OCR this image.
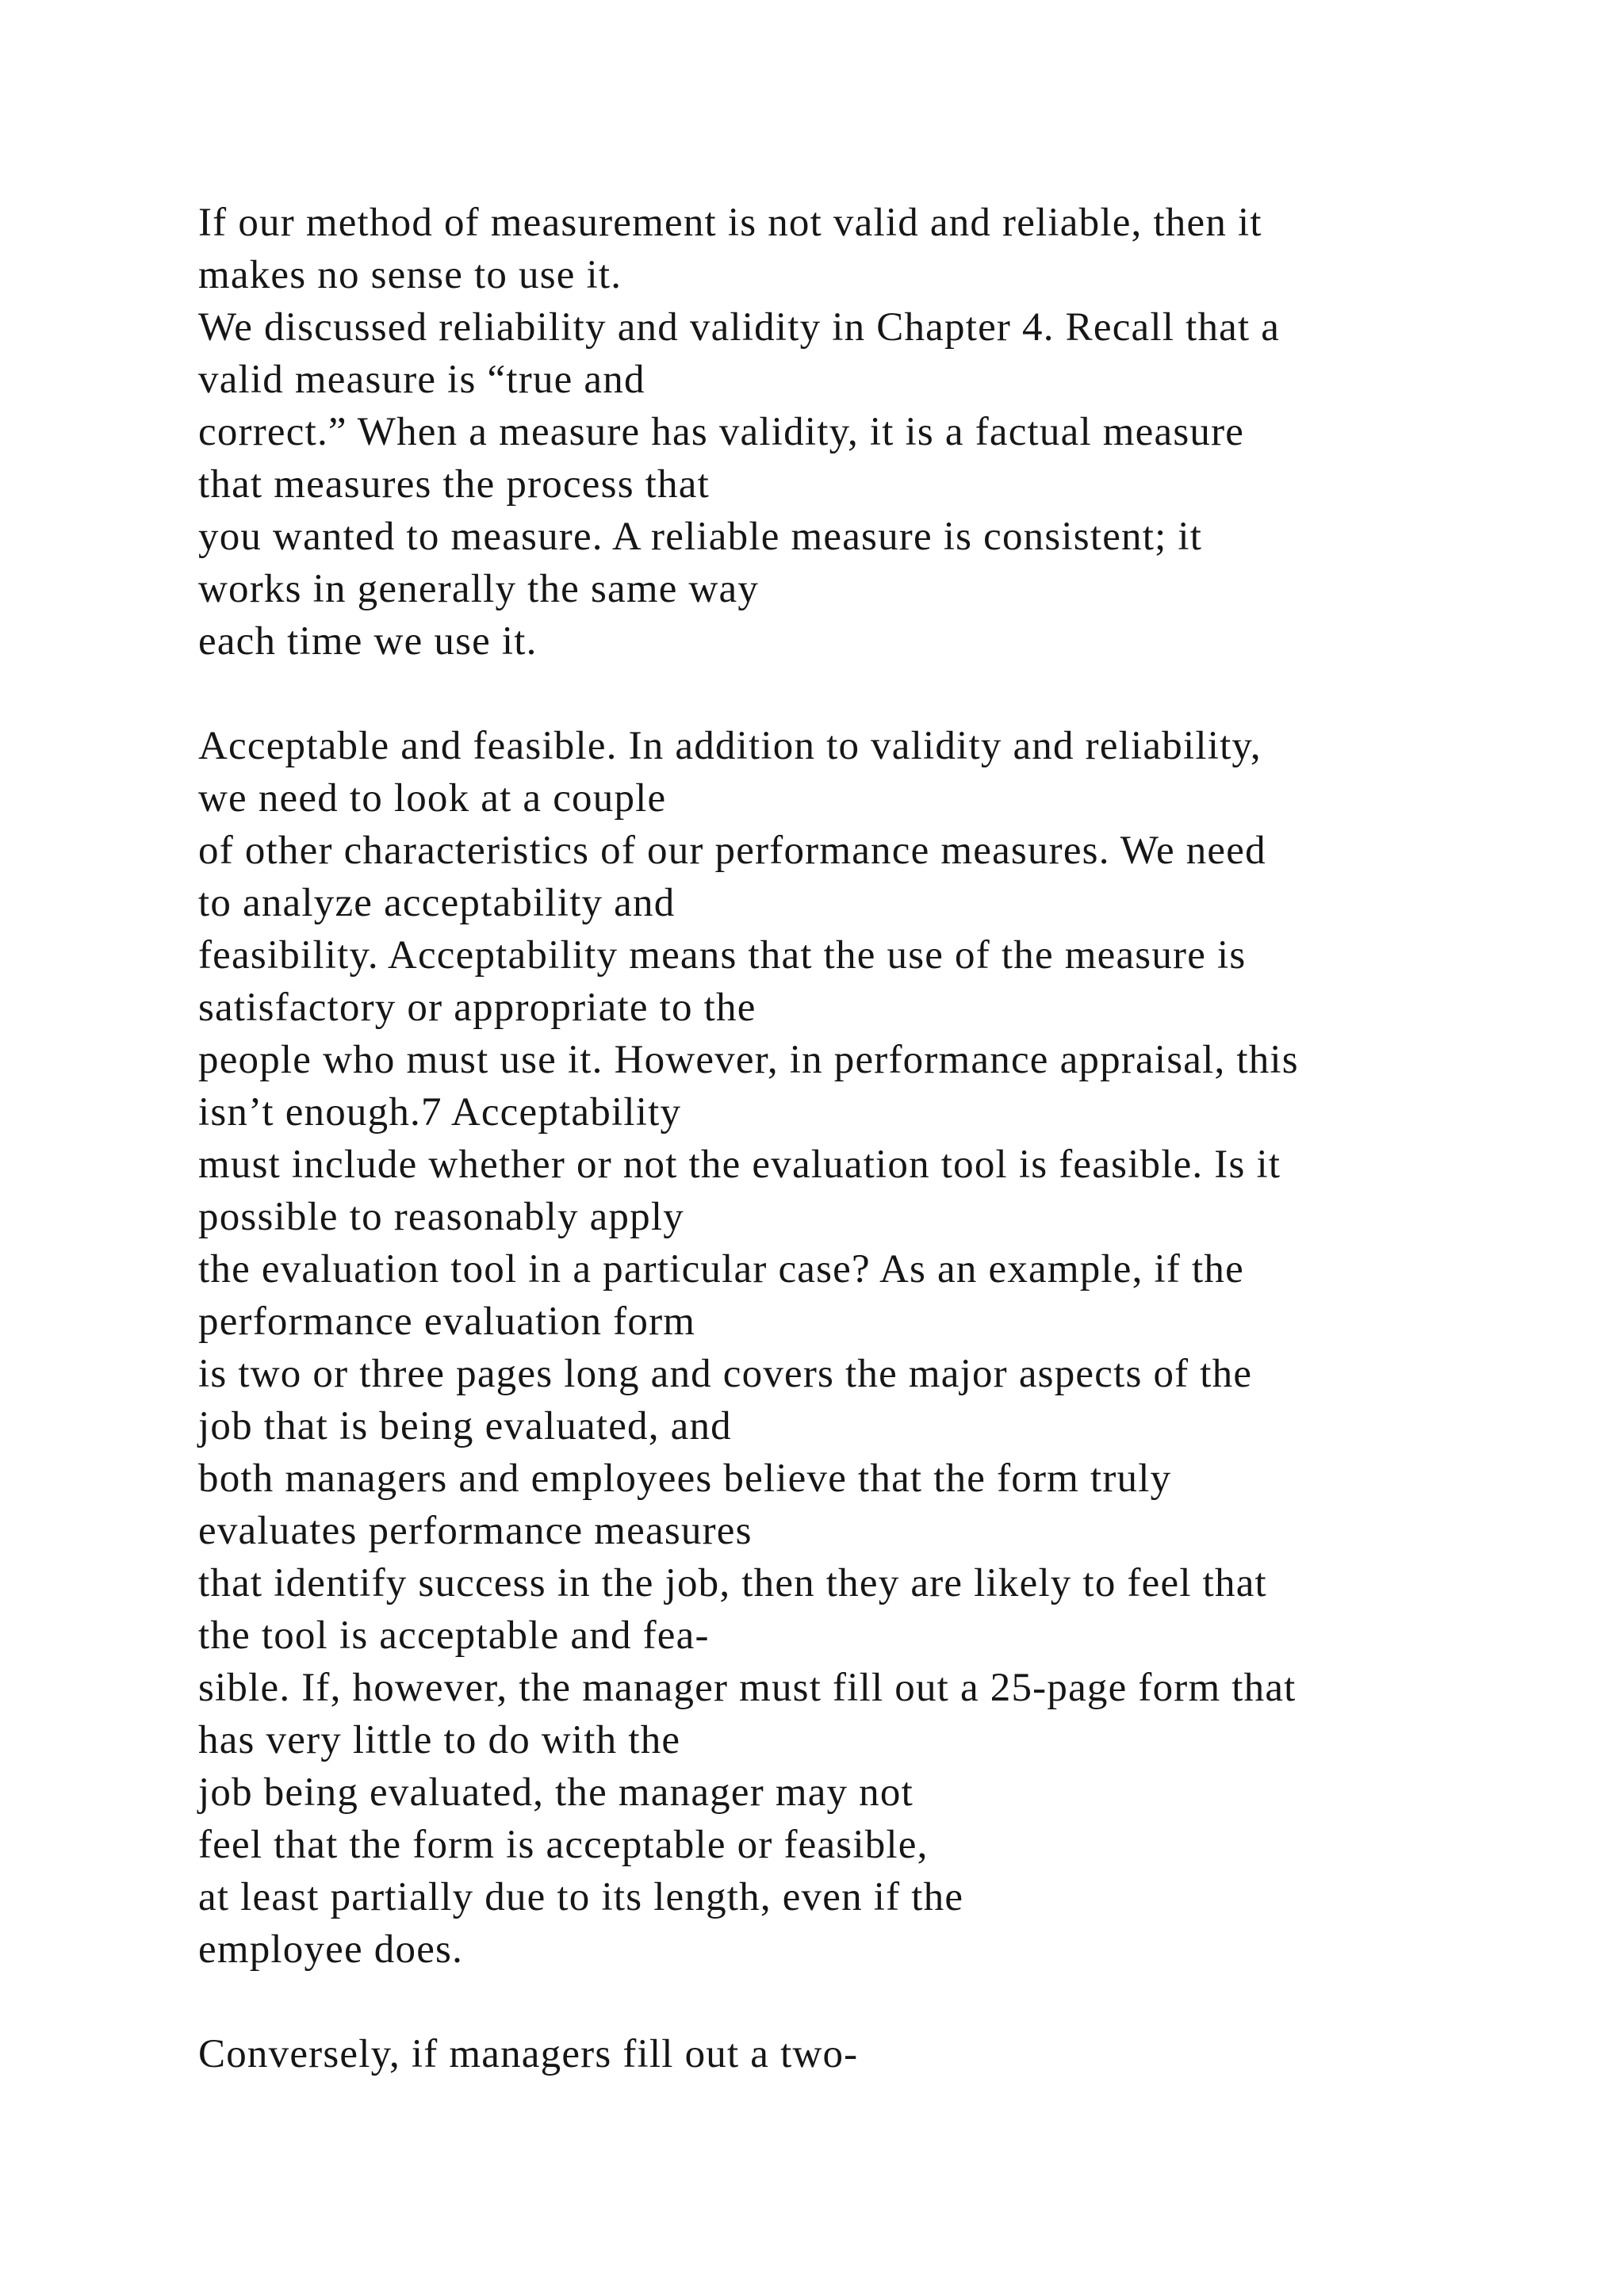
If our method of measurement is not valid and reliable, then it
makes no sense to use it.
We discussed reliability and validity in Chapter 4. Recall that a
valid measure is “true and
correct.” When a measure has validity, it is a factual measure
that measures the process that
you wanted to measure. A reliable measure is consistent; it
works in generally the same way
each time we use it.
Acceptable and feasible. In addition to validity and reliability,
we need to look at a couple
of other characteristics of our performance measures. We need
to analyze acceptability and
feasibility. Acceptability means that the use of the measure is
satisfactory or appropriate to the
people who must use it. However, in performance appraisal, this
isn’t enough.7 Acceptability
must include whether or not the evaluation tool is feasible. Is it
possible to reasonably apply
the evaluation tool in a particular case? As an example, if the
performance evaluation form
is two or three pages long and covers the major aspects of the
job that is being evaluated, and
both managers and employees believe that the form truly
evaluates performance measures
that identify success in the job, then they are likely to feel that
the tool is acceptable and fea-
sible. If, however, the manager must fill out a 25-page form that
has very little to do with the
job being evaluated, the manager may not
feel that the form is acceptable or feasible,
at least partially due to its length, even if the
employee does.
Conversely, if managers fill out a two-
